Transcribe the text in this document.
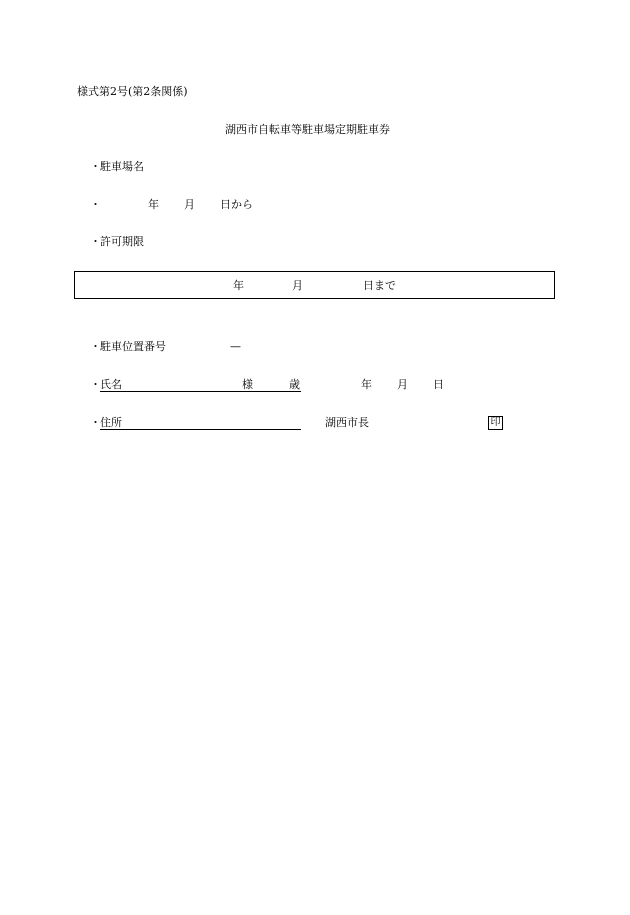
様式第2号(第2条関係)
湖西市自転車等駐車場定期駐車券
・ 駐車場名
・	年 月 日から
・ 許可期限
年	月	日まで
・ 駐車位置番号	—
・ 氏名	様	歳	年 月 日
・ 住所	湖西市長	印
